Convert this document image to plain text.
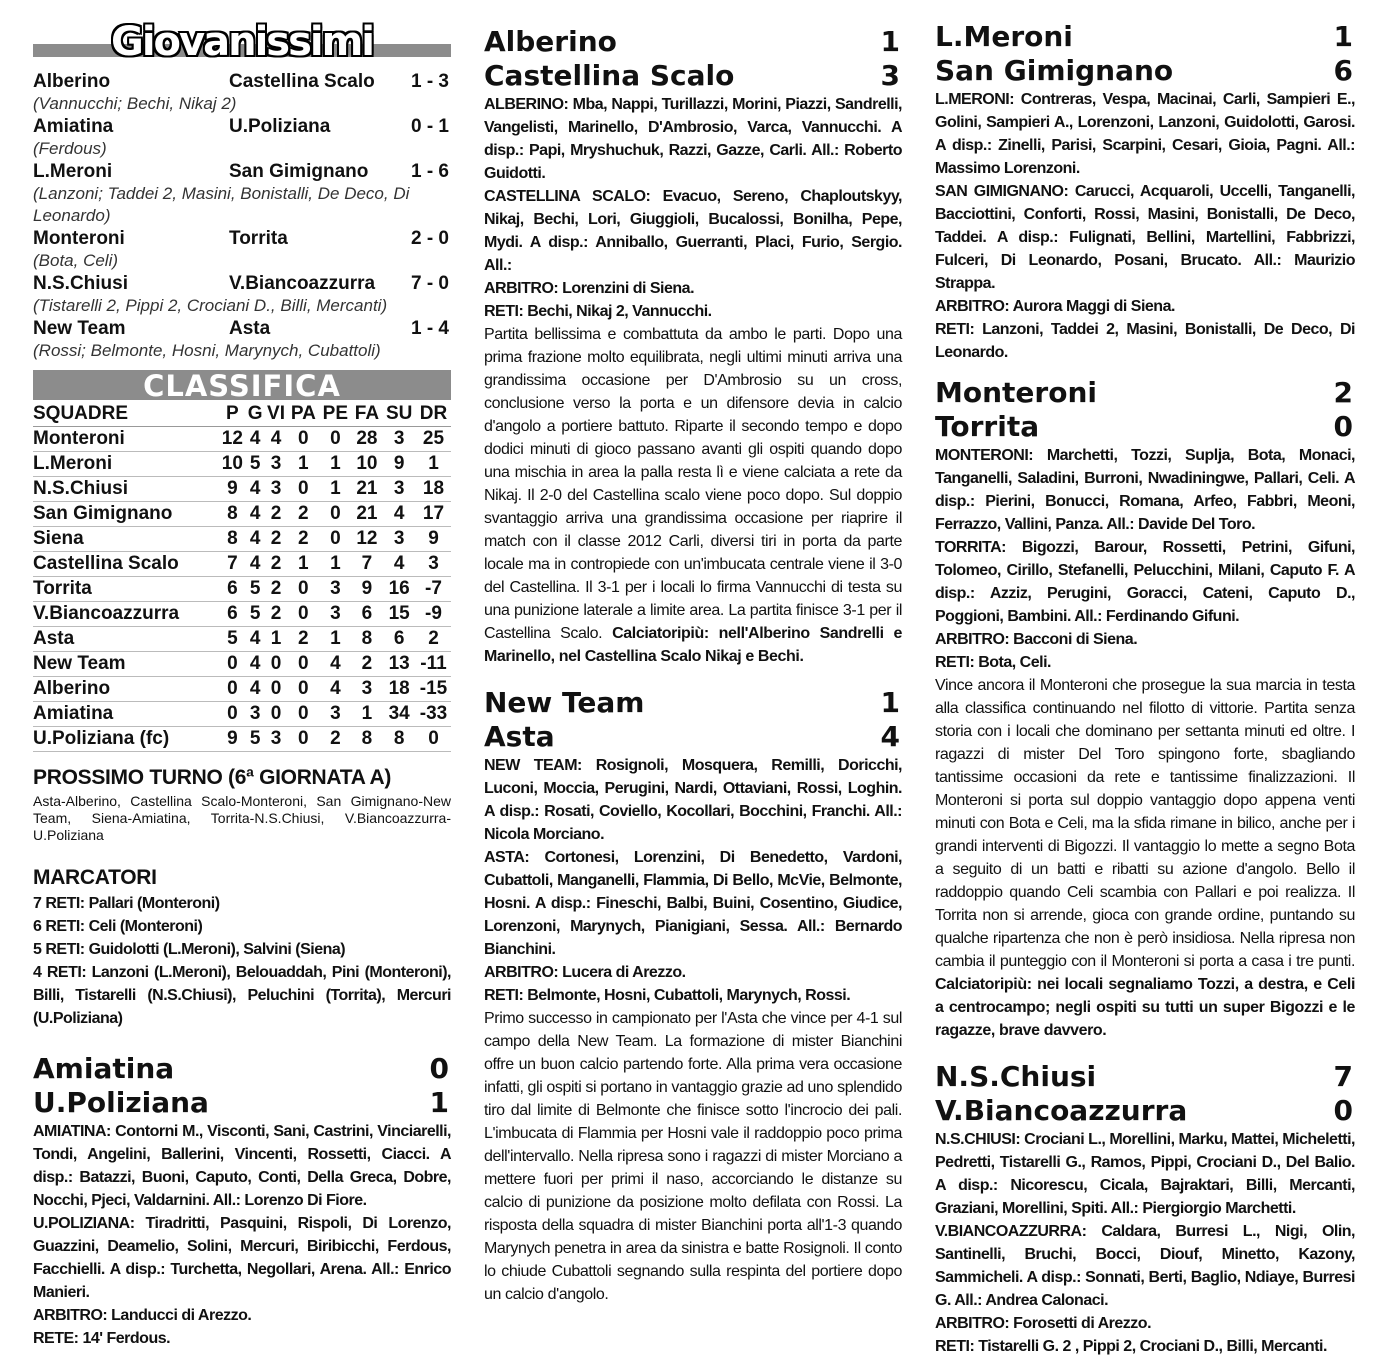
Giovanissimi
Alberino	Castellina Scalo 1 - 3
(Vannucchi; Bechi, Nikaj 2)
Amiatina	U.Poliziana	0 - 1
(Ferdous)
L.Meroni	San Gimignano 1 - 6
(Lanzoni; Taddei 2, Masini, Bonistalli, De Deco, Di Leonardo)
Monteroni	Torrita	2 - 0
(Bota, Celi)
N.S.Chiusi	V.Biancoazzurra 7 - 0
(Tistarelli 2, Pippi 2, Crociani D., Billi, Mercanti)
New Team	Asta	1 - 4
(Rossi; Belmonte, Hosni, Marynych, Cubattoli)
CLASSIFICA
SQUADRE	P	G	VI	PA	PE	FA	SU	DR
Monteroni	12	4	4	0	0	28	3	25
L.Meroni	10	5	3	1	1	10	9	1
N.S.Chiusi	9	4	3	0	1	21	3	18
San Gimignano	8	4	2	2	0	21	4	17
Siena	8	4	2	2	0	12	3	9
Castellina Scalo	7	4	2	1	1	7	4	3
Torrita	6	5	2	0	3	9	16	-7
V.Biancoazzurra	6	5	2	0	3	6	15	-9
Asta	5	4	1	2	1	8	6	2
New Team	0	4	0	0	4	2	13	-11
Alberino	0	4	0	0	4	3	18	-15
Amiatina	0	3	0	0	3	1	34	-33
U.Poliziana (fc)	9	5	3	0	2	8	8	0
PROSSIMO TURNO (6ª GIORNATA A)
Asta-Alberino, Castellina Scalo-Monteroni, San Gimignano-New Team, Siena-Amiatina, Torrita-N.S.Chiusi, V.Biancoazzurra-U.Poliziana
MARCATORI
7 RETI: Pallari (Monteroni)
6 RETI: Celi (Monteroni)
5 RETI: Guidolotti (L.Meroni), Salvini (Siena)
4 RETI: Lanzoni (L.Meroni), Belouaddah, Pini (Monteroni), Billi, Tistarelli (N.S.Chiusi), Peluchini (Torrita), Mercuri (U.Poliziana)
Amiatina	0
U.Poliziana	1
AMIATINA: Contorni M., Visconti, Sani, Castrini, Vinciarelli, Tondi, Angelini, Ballerini, Vincenti, Rossetti, Ciacci. A disp.: Batazzi, Buoni, Caputo, Conti, Della Greca, Dobre, Nocchi, Pjeci, Valdarnini. All.: Lorenzo Di Fiore.
U.POLIZIANA: Tiradritti, Pasquini, Rispoli, Di Lorenzo, Guazzini, Deamelio, Solini, Mercuri, Biribicchi, Ferdous, Facchielli. A disp.: Turchetta, Negollari, Arena. All.: Enrico Manieri.
ARBITRO: Landucci di Arezzo.
RETE: 14' Ferdous.
Alberino	1
Castellina Scalo	3
ALBERINO: Mba, Nappi, Turillazzi, Morini, Piazzi, Sandrelli, Vangelisti, Marinello, D'Ambrosio, Varca, Vannucchi. A disp.: Papi, Mryshuchuk, Razzi, Gazze, Carli. All.: Roberto Guidotti.
CASTELLINA SCALO: Evacuo, Sereno, Chaploutskyy, Nikaj, Bechi, Lori, Giuggioli, Bucalossi, Bonilha, Pepe, Mydi. A disp.: Anniballo, Guerranti, Placi, Furio, Sergio. All.:
ARBITRO: Lorenzini di Siena.
RETI: Bechi, Nikaj 2, Vannucchi.
Partita bellissima e combattuta da ambo le parti. Dopo una prima frazione molto equilibrata, negli ultimi minuti arriva una grandissima occasione per D'Ambrosio su un cross, conclusione verso la porta e un difensore devia in calcio d'angolo a portiere battuto. Riparte il secondo tempo e dopo dodici minuti di gioco passano avanti gli ospiti quando dopo una mischia in area la palla resta lì e viene calciata a rete da Nikaj. Il 2-0 del Castellina scalo viene poco dopo. Sul doppio svantaggio arriva una grandissima occasione per riaprire il match con il classe 2012 Carli, diversi tiri in porta da parte locale ma in contropiede con un'imbucata centrale viene il 3-0 del Castellina. Il 3-1 per i locali lo firma Vannucchi di testa su una punizione laterale a limite area. La partita finisce 3-1 per il Castellina Scalo. Calciatoripiù: nell'Alberino Sandrelli e Marinello, nel Castellina Scalo Nikaj e Bechi.
New Team	1
Asta	4
NEW TEAM: Rosignoli, Mosquera, Remilli, Doricchi, Luconi, Moccia, Perugini, Nardi, Ottaviani, Rossi, Loghin. A disp.: Rosati, Coviello, Kocollari, Bocchini, Franchi. All.: Nicola Morciano.
ASTA: Cortonesi, Lorenzini, Di Benedetto, Vardoni, Cubattoli, Manganelli, Flammia, Di Bello, McVie, Belmonte, Hosni. A disp.: Fineschi, Balbi, Buini, Cosentino, Giudice, Lorenzoni, Marynych, Pianigiani, Sessa. All.: Bernardo Bianchini.
ARBITRO: Lucera di Arezzo.
RETI: Belmonte, Hosni, Cubattoli, Marynych, Rossi.
Primo successo in campionato per l'Asta che vince per 4-1 sul campo della New Team. La formazione di mister Bianchini offre un buon calcio partendo forte. Alla prima vera occasione infatti, gli ospiti si portano in vantaggio grazie ad uno splendido tiro dal limite di Belmonte che finisce sotto l'incrocio dei pali. L'imbucata di Flammia per Hosni vale il raddoppio poco prima dell'intervallo. Nella ripresa sono i ragazzi di mister Morciano a mettere fuori per primi il naso, accorciando le distanze su calcio di punizione da posizione molto defilata con Rossi. La risposta della squadra di mister Bianchini porta all'1-3 quando Marynych penetra in area da sinistra e batte Rosignoli. Il conto lo chiude Cubattoli segnando sulla respinta del portiere dopo un calcio d'angolo.
L.Meroni	1
San Gimignano	6
L.MERONI: Contreras, Vespa, Macinai, Carli, Sampieri E., Golini, Sampieri A., Lorenzoni, Lanzoni, Guidolotti, Garosi. A disp.: Zinelli, Parisi, Scarpini, Cesari, Gioia, Pagni. All.: Massimo Lorenzoni.
SAN GIMIGNANO: Carucci, Acquaroli, Uccelli, Tanganelli, Bacciottini, Conforti, Rossi, Masini, Bonistalli, De Deco, Taddei. A disp.: Fulignati, Bellini, Martellini, Fabbrizzi, Fulceri, Di Leonardo, Posani, Brucato. All.: Maurizio Strappa.
ARBITRO: Aurora Maggi di Siena.
RETI: Lanzoni, Taddei 2, Masini, Bonistalli, De Deco, Di Leonardo.
Monteroni	2
Torrita	0
MONTERONI: Marchetti, Tozzi, Suplja, Bota, Monaci, Tanganelli, Saladini, Burroni, Nwadiningwe, Pallari, Celi. A disp.: Pierini, Bonucci, Romana, Arfeo, Fabbri, Meoni, Ferrazzo, Vallini, Panza. All.: Davide Del Toro.
TORRITA: Bigozzi, Barour, Rossetti, Petrini, Gifuni, Tolomeo, Cirillo, Stefanelli, Pelucchini, Milani, Caputo F. A disp.: Azziz, Perugini, Goracci, Cateni, Caputo D., Poggioni, Bambini. All.: Ferdinando Gifuni.
ARBITRO: Bacconi di Siena.
RETI: Bota, Celi.
Vince ancora il Monteroni che prosegue la sua marcia in testa alla classifica continuando nel filotto di vittorie. Partita senza storia con i locali che dominano per settanta minuti ed oltre. I ragazzi di mister Del Toro spingono forte, sbagliando tantissime occasioni da rete e tantissime finalizzazioni. Il Monteroni si porta sul doppio vantaggio dopo appena venti minuti con Bota e Celi, ma la sfida rimane in bilico, anche per i grandi interventi di Bigozzi. Il vantaggio lo mette a segno Bota a seguito di un batti e ribatti su azione d'angolo. Bello il raddoppio quando Celi scambia con Pallari e poi realizza. Il Torrita non si arrende, gioca con grande ordine, puntando su qualche ripartenza che non è però insidiosa. Nella ripresa non cambia il punteggio con il Monteroni si porta a casa i tre punti. Calciatoripiù: nei locali segnaliamo Tozzi, a destra, e Celi a centrocampo; negli ospiti su tutti un super Bigozzi e le ragazze, brave davvero.
N.S.Chiusi	7
V.Biancoazzurra	0
N.S.CHIUSI: Crociani L., Morellini, Marku, Mattei, Micheletti, Pedretti, Tistarelli G., Ramos, Pippi, Crociani D., Del Balio. A disp.: Nicorescu, Cicala, Bajraktari, Billi, Mercanti, Graziani, Morellini, Spiti. All.: Piergiorgio Marchetti.
V.BIANCOAZZURRA: Caldara, Burresi L., Nigi, Olin, Santinelli, Bruchi, Bocci, Diouf, Minetto, Kazony, Sammicheli. A disp.: Sonnati, Berti, Baglio, Ndiaye, Burresi G. All.: Andrea Calonaci.
ARBITRO: Forosetti di Arezzo.
RETI: Tistarelli G. 2 , Pippi 2, Crociani D., Billi, Mercanti.
